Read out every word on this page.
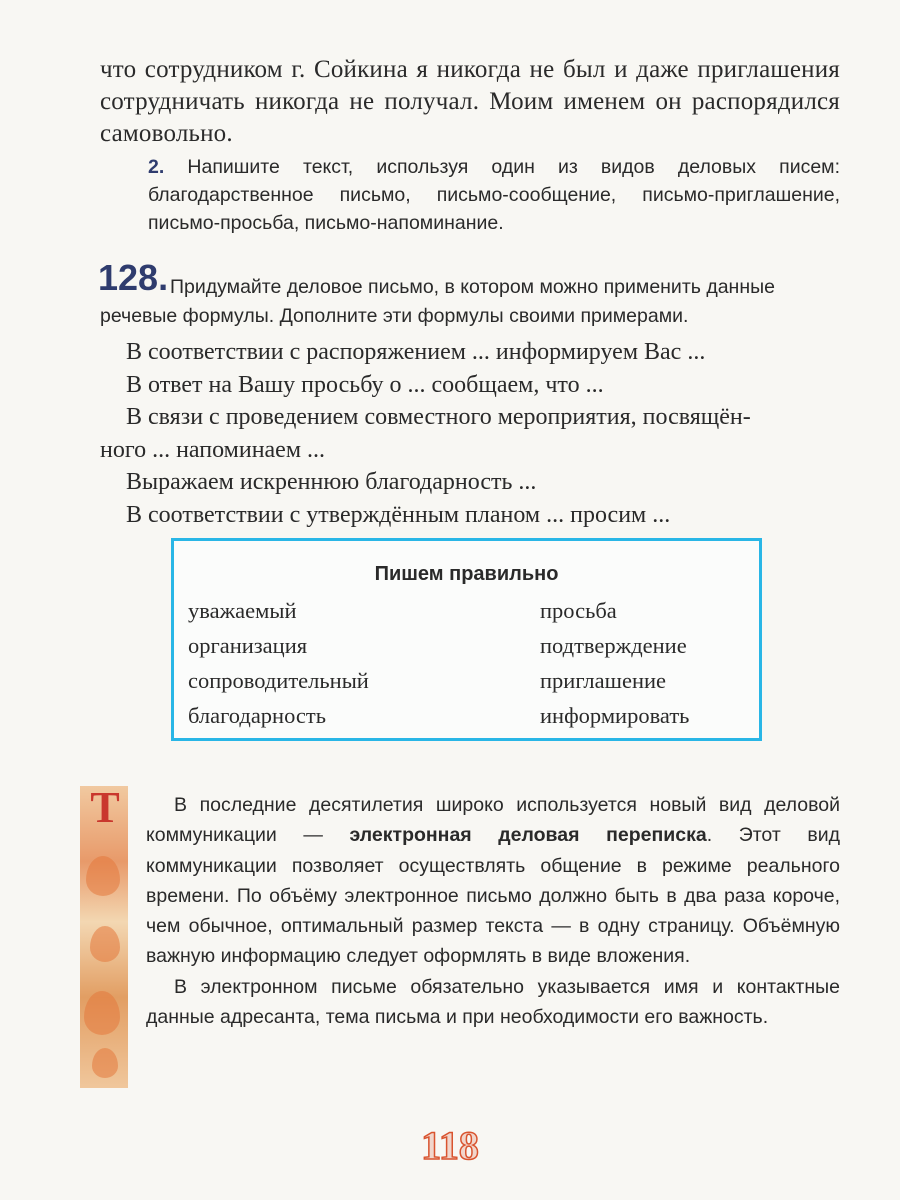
что сотрудником г. Сойкина я никогда не был и даже приглашения сотрудничать никогда не получал. Моим именем он распорядился самовольно.

2. Напишите текст, используя один из видов деловых писем: благодарственное письмо, письмо-сообщение, письмо-приглашение, письмо-просьба, письмо-напоминание.
128. Придумайте деловое письмо, в котором можно применить данные
речевые формулы. Дополните эти формулы своими примерами.
В соответствии с распоряжением ... информируем Вас ...
В ответ на Вашу просьбу о ... сообщаем, что ...
В связи с проведением совместного мероприятия, посвящён-
ного ... напоминаем ...
Выражаем искреннюю благодарность ...
В соответствии с утверждённым планом ... просим ...
Пишем правильно
уважаемый
организация
сопроводительный
благодарность
просьба
подтверждение
приглашение
информировать
Т	В последние десятилетия широко используется новый вид деловой коммуникации — электронная деловая переписка. Этот вид коммуникации позволяет осуществлять общение в режиме реального времени. По объёму электронное письмо должно быть в два раза короче, чем обычное, оптимальный размер текста — в одну страницу. Объёмную важную информацию следует оформлять в виде вложения.

В электронном письме обязательно указывается имя и контактные данные адресанта, тема письма и при необходимости его важность.

118
